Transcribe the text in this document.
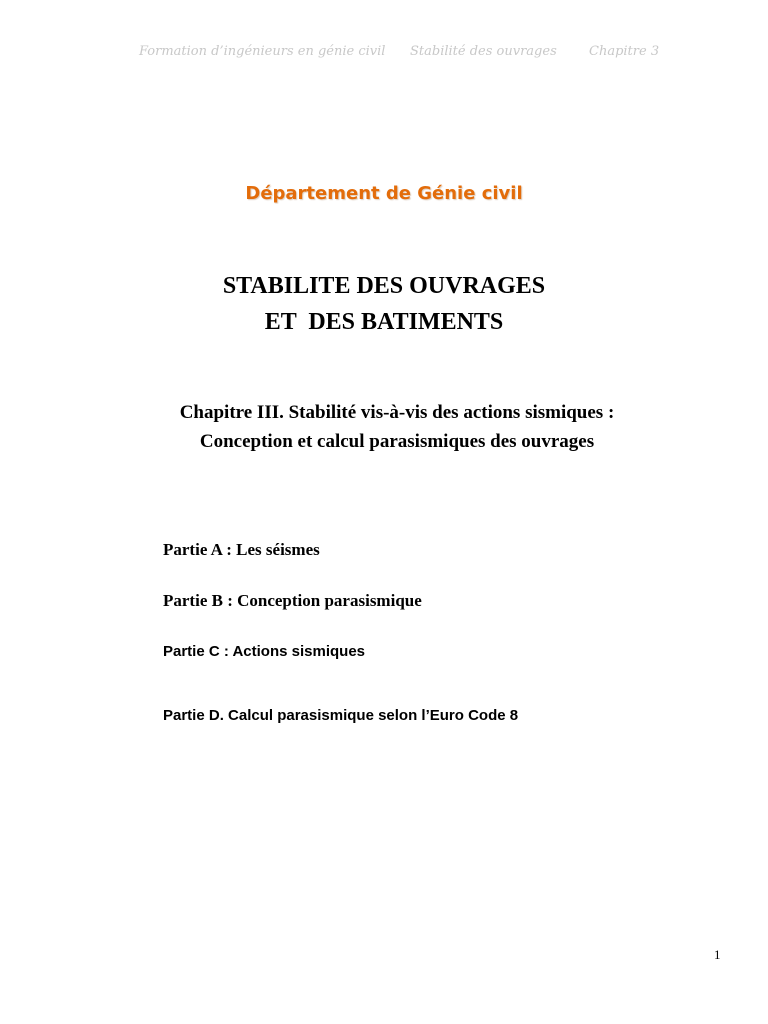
Formation d’ingénieurs en génie civil Stabilité des ouvrages Chapitre 3
Département de Génie civil
STABILITE DES OUVRAGES
ET  DES BATIMENTS
Chapitre III. Stabilité vis-à-vis des actions sismiques :
Conception et calcul parasismiques des ouvrages
Partie A : Les séismes
Partie B : Conception parasismique
Partie C : Actions sismiques
Partie D. Calcul parasismique selon l’Euro Code 8
1
